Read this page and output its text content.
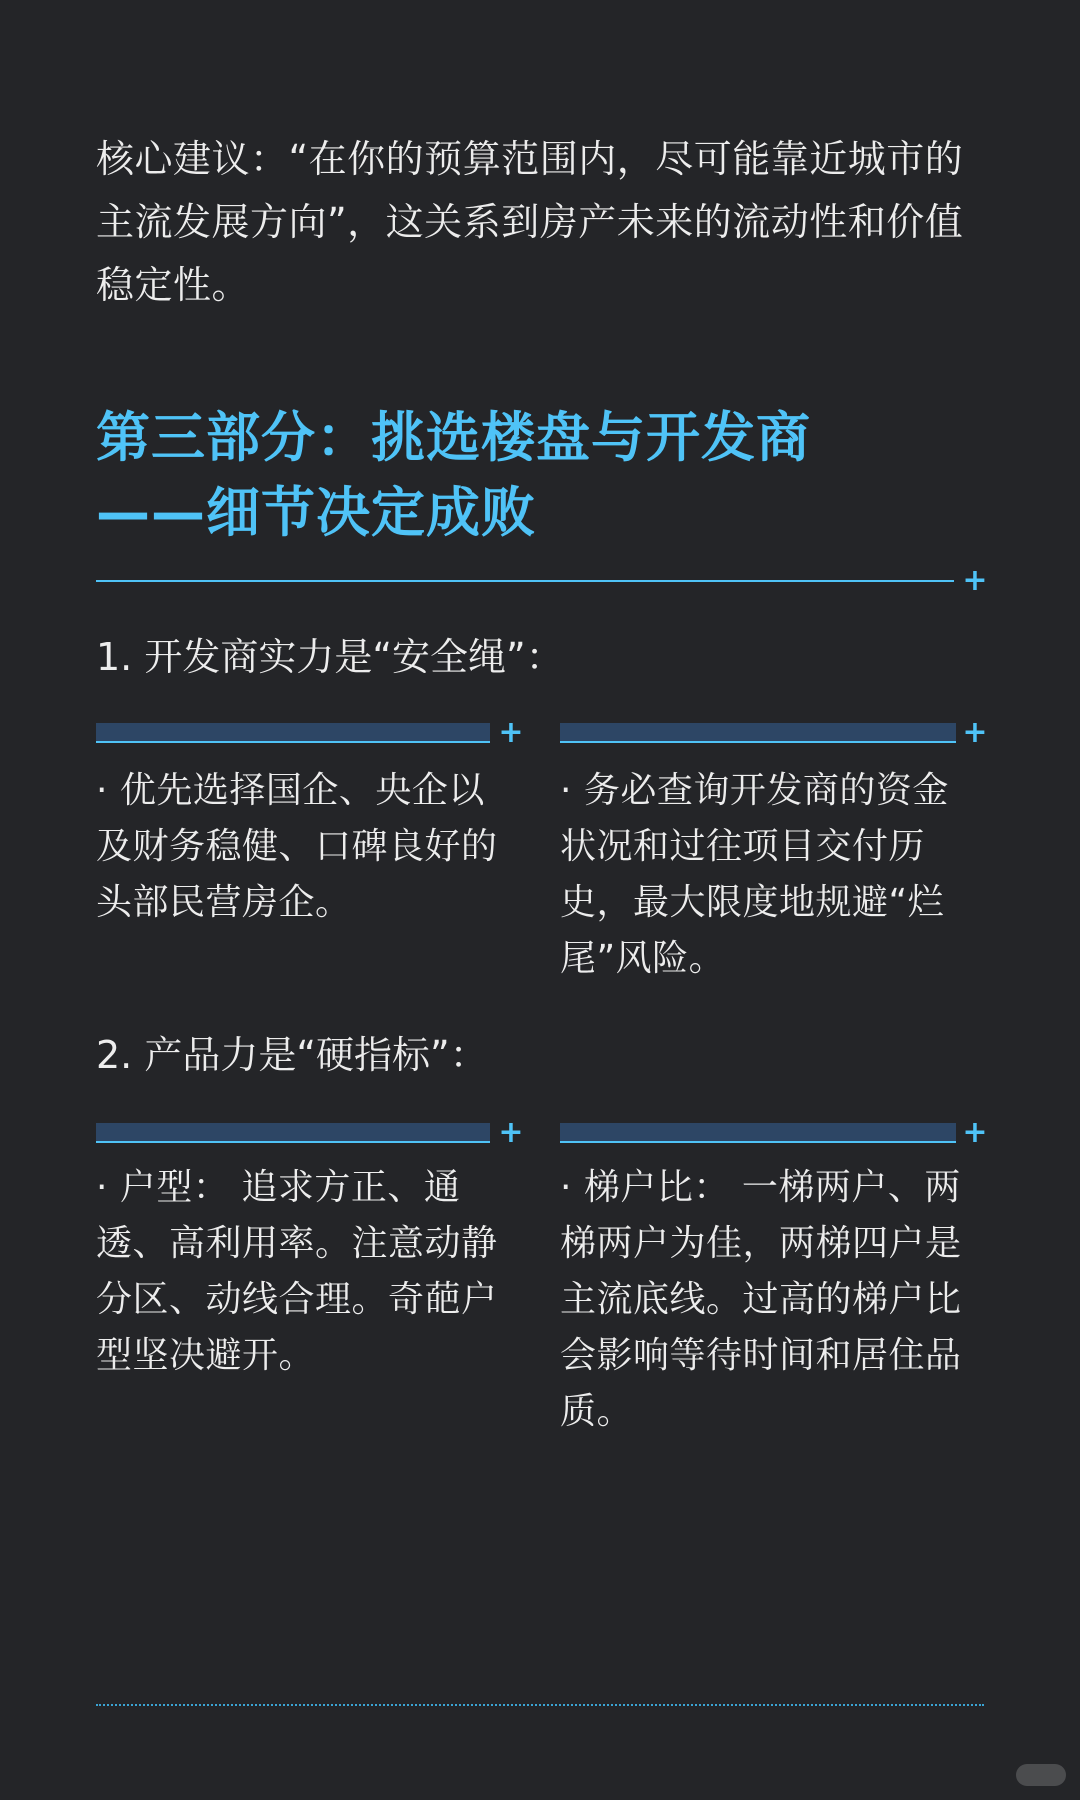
核心建议：“在你的预算范围内，尽可能靠近城市的主流发展方向”，这关系到房产未来的流动性和价值稳定性。
第三部分：挑选楼盘与开发商
——细节决定成败
+
1. 开发商实力是“安全绳”：
+	+
· 优先选择国企、央企以及财务稳健、口碑良好的头部民营房企。
· 务必查询开发商的资金状况和过往项目交付历史，最大限度地规避“烂尾”风险。
2. 产品力是“硬指标”：
+	+
· 户型： 追求方正、通透、高利用率。注意动静分区、动线合理。奇葩户型坚决避开。
· 梯户比： 一梯两户、两梯两户为佳，两梯四户是主流底线。过高的梯户比会影响等待时间和居住品质。
